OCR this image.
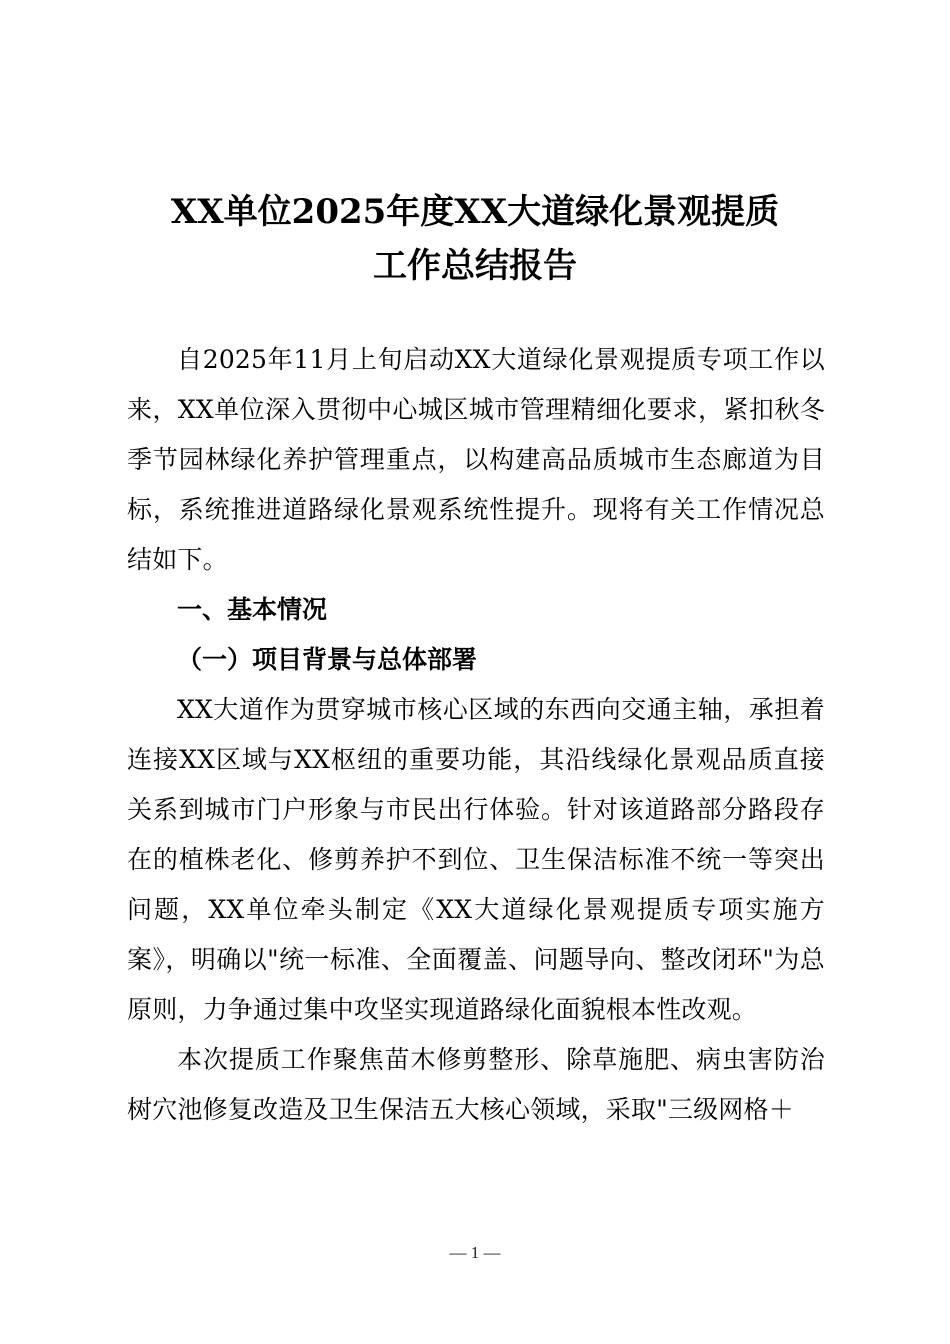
XX单位2025年度XX大道绿化景观提质
工作总结报告

自2025年11月上旬启动XX大道绿化景观提质专项工作以来，XX单位深入贯彻中心城区城市管理精细化要求，紧扣秋冬季节园林绿化养护管理重点，以构建高品质城市生态廊道为目标，系统推进道路绿化景观系统性提升。现将有关工作情况总结如下。

一、基本情况

（一）项目背景与总体部署

XX大道作为贯穿城市核心区域的东西向交通主轴，承担着连接XX区域与XX枢纽的重要功能，其沿线绿化景观品质直接关系到城市门户形象与市民出行体验。针对该道路部分路段存在的植株老化、修剪养护不到位、卫生保洁标准不统一等突出问题，XX单位牵头制定《XX大道绿化景观提质专项实施方案》，明确以"统一标准、全面覆盖、问题导向、整改闭环"为总原则，力争通过集中攻坚实现道路绿化面貌根本性改观。

本次提质工作聚焦苗木修剪整形、除草施肥、病虫害防治树穴池修复改造及卫生保洁五大核心领域，采取"三级网格＋

— 1 —
